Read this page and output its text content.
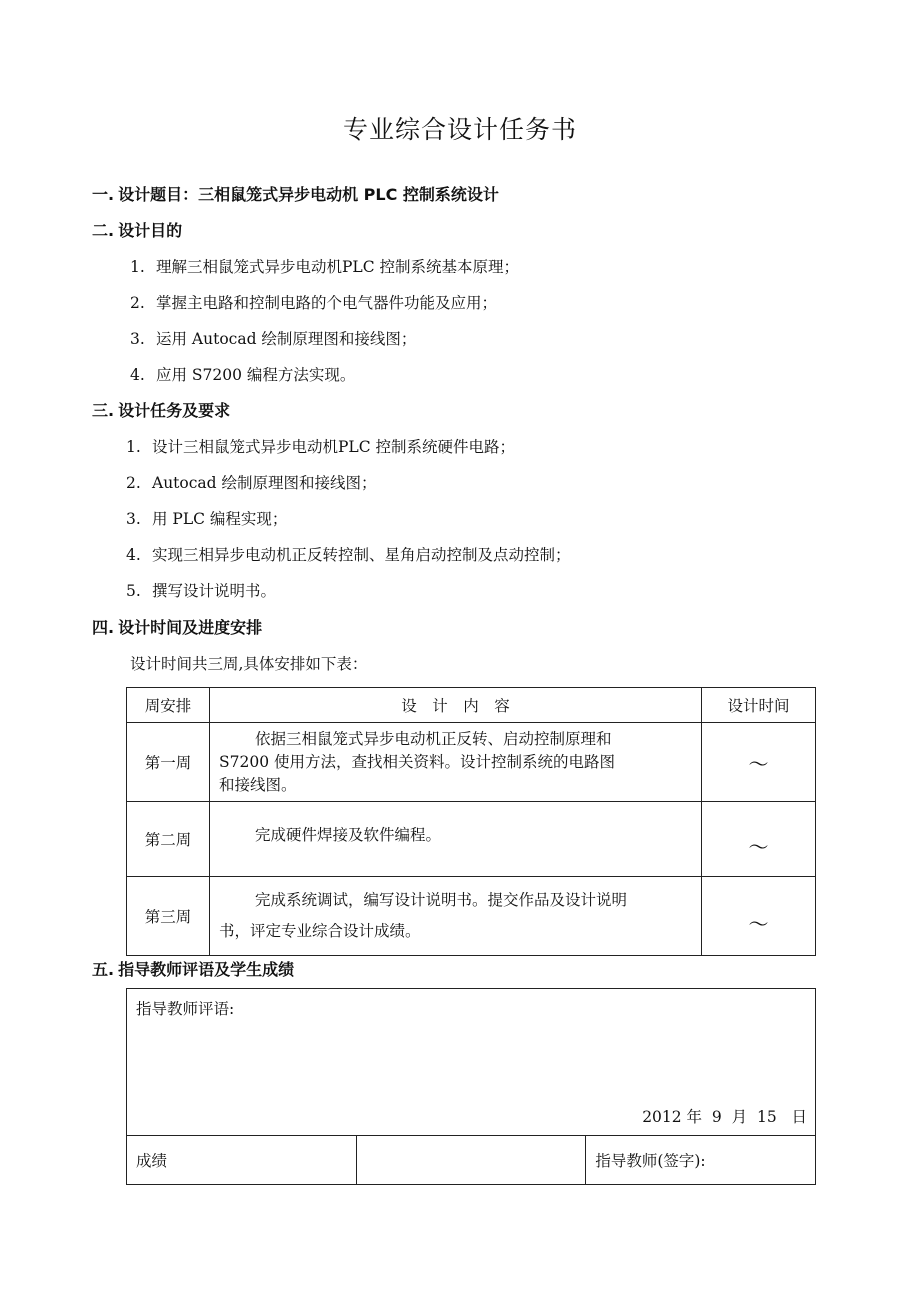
专业综合设计任务书
一. 设计题目：三相鼠笼式异步电动机 PLC 控制系统设计
二. 设计目的
1. 理解三相鼠笼式异步电动机PLC 控制系统基本原理；
2. 掌握主电路和控制电路的个电气器件功能及应用；
3. 运用 Autocad 绘制原理图和接线图；
4. 应用 S7200 编程方法实现。
三. 设计任务及要求
1. 设计三相鼠笼式异步电动机PLC 控制系统硬件电路；
2. Autocad 绘制原理图和接线图；
3. 用 PLC 编程实现；
4. 实现三相异步电动机正反转控制、星角启动控制及点动控制；
5. 撰写设计说明书。
四. 设计时间及进度安排
设计时间共三周,具体安排如下表：
周安排	设　计　内　容	设计时间
第一周	依据三相鼠笼式异步电动机正反转、启动控制原理和
S7200 使用方法，查找相关资料。设计控制系统的电路图
和接线图。	～
第二周	完成硬件焊接及软件编程。	～
第三周	完成系统调试，编写设计说明书。提交作品及设计说明
书，评定专业综合设计成绩。	～
五. 指导教师评语及学生成绩
指导教师评语:
2012 年  9  月  15   日

成绩		指导教师(签字):
